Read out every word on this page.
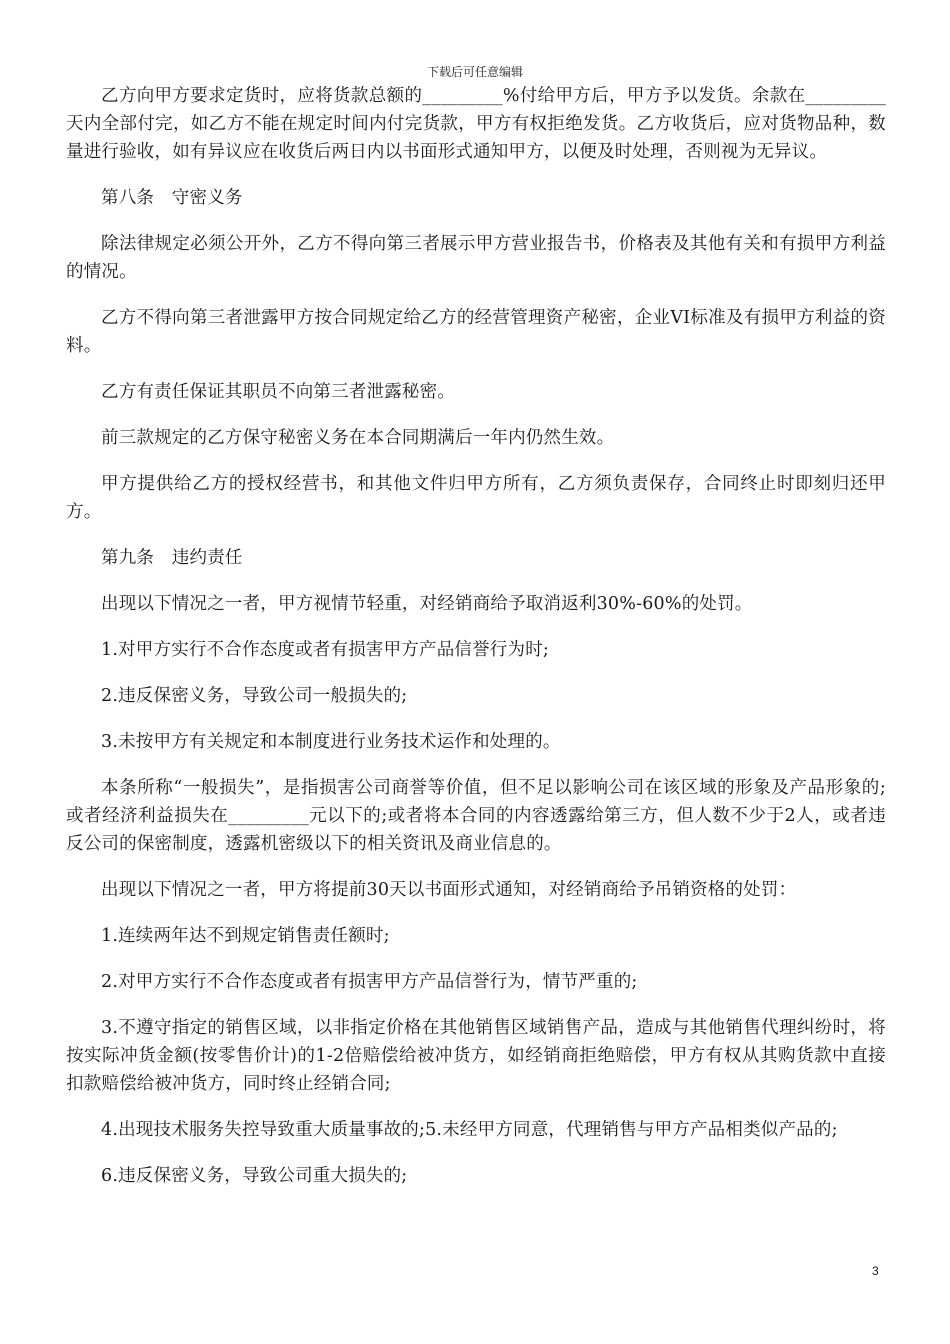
下载后可任意编辑

乙方向甲方要求定货时，应将货款总额的_________%付给甲方后，甲方予以发货。余款在_________天内全部付完，如乙方不能在规定时间内付完货款，甲方有权拒绝发货。乙方收货后，应对货物品种，数量进行验收，如有异议应在收货后两日内以书面形式通知甲方，以便及时处理，否则视为无异议。

第八条　守密义务

除法律规定必须公开外，乙方不得向第三者展示甲方营业报告书，价格表及其他有关和有损甲方利益的情况。

乙方不得向第三者泄露甲方按合同规定给乙方的经营管理资产秘密，企业VI标准及有损甲方利益的资料。

乙方有责任保证其职员不向第三者泄露秘密。

前三款规定的乙方保守秘密义务在本合同期满后一年内仍然生效。

甲方提供给乙方的授权经营书，和其他文件归甲方所有，乙方须负责保存，合同终止时即刻归还甲方。

第九条　违约责任

出现以下情况之一者，甲方视情节轻重，对经销商给予取消返利30%-60%的处罚。

1.对甲方实行不合作态度或者有损害甲方产品信誉行为时;

2.违反保密义务，导致公司一般损失的;

3.未按甲方有关规定和本制度进行业务技术运作和处理的。

本条所称“一般损失”，是指损害公司商誉等价值，但不足以影响公司在该区域的形象及产品形象的;或者经济利益损失在_________元以下的;或者将本合同的内容透露给第三方，但人数不少于2人，或者违反公司的保密制度，透露机密级以下的相关资讯及商业信息的。

出现以下情况之一者，甲方将提前30天以书面形式通知，对经销商给予吊销资格的处罚：

1.连续两年达不到规定销售责任额时;

2.对甲方实行不合作态度或者有损害甲方产品信誉行为，情节严重的;

3.不遵守指定的销售区域，以非指定价格在其他销售区域销售产品，造成与其他销售代理纠纷时，将按实际冲货金额(按零售价计)的1-2倍赔偿给被冲货方，如经销商拒绝赔偿，甲方有权从其购货款中直接扣款赔偿给被冲货方，同时终止经销合同;

4.出现技术服务失控导致重大质量事故的;5.未经甲方同意，代理销售与甲方产品相类似产品的;

6.违反保密义务，导致公司重大损失的;

3
